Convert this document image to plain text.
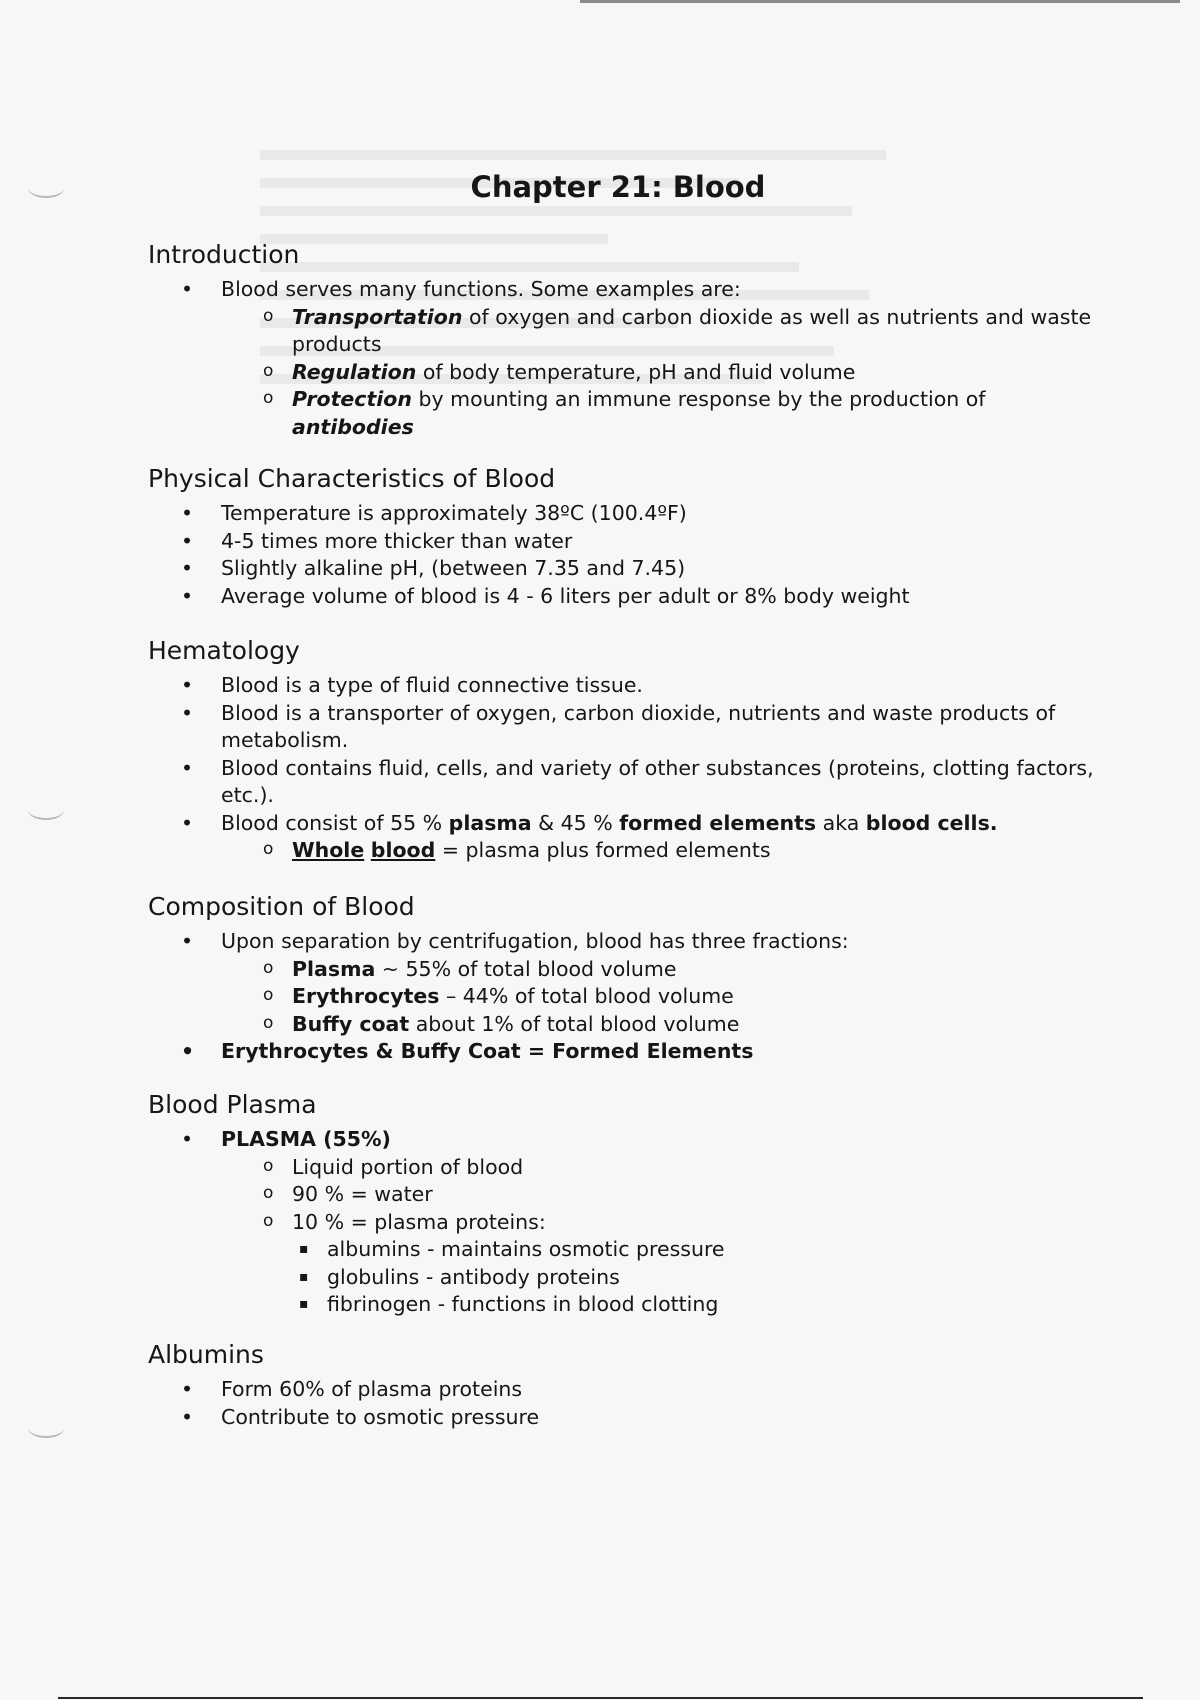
Chapter 21: Blood
Introduction
• Blood serves many functions. Some examples are:
o Transportation of oxygen and carbon dioxide as well as nutrients and waste products
o Regulation of body temperature, pH and fluid volume
o Protection by mounting an immune response by the production of antibodies
Physical Characteristics of Blood
• Temperature is approximately 38ºC (100.4ºF)
• 4-5 times more thicker than water
• Slightly alkaline pH, (between 7.35 and 7.45)
• Average volume of blood is 4 - 6 liters per adult or 8% body weight
Hematology
• Blood is a type of fluid connective tissue.
• Blood is a transporter of oxygen, carbon dioxide, nutrients and waste products of metabolism.
• Blood contains fluid, cells, and variety of other substances (proteins, clotting factors, etc.).
• Blood consist of 55 % plasma & 45 % formed elements aka blood cells.
o Whole blood = plasma plus formed elements
Composition of Blood
• Upon separation by centrifugation, blood has three fractions:
o Plasma ~ 55% of total blood volume
o Erythrocytes – 44% of total blood volume
o Buffy coat about 1% of total blood volume
• Erythrocytes & Buffy Coat = Formed Elements
Blood Plasma
• PLASMA (55%)
o Liquid portion of blood
o 90 % = water
o 10 % = plasma proteins:
▪ albumins - maintains osmotic pressure
▪ globulins - antibody proteins
▪ fibrinogen - functions in blood clotting
Albumins
• Form 60% of plasma proteins
• Contribute to osmotic pressure
